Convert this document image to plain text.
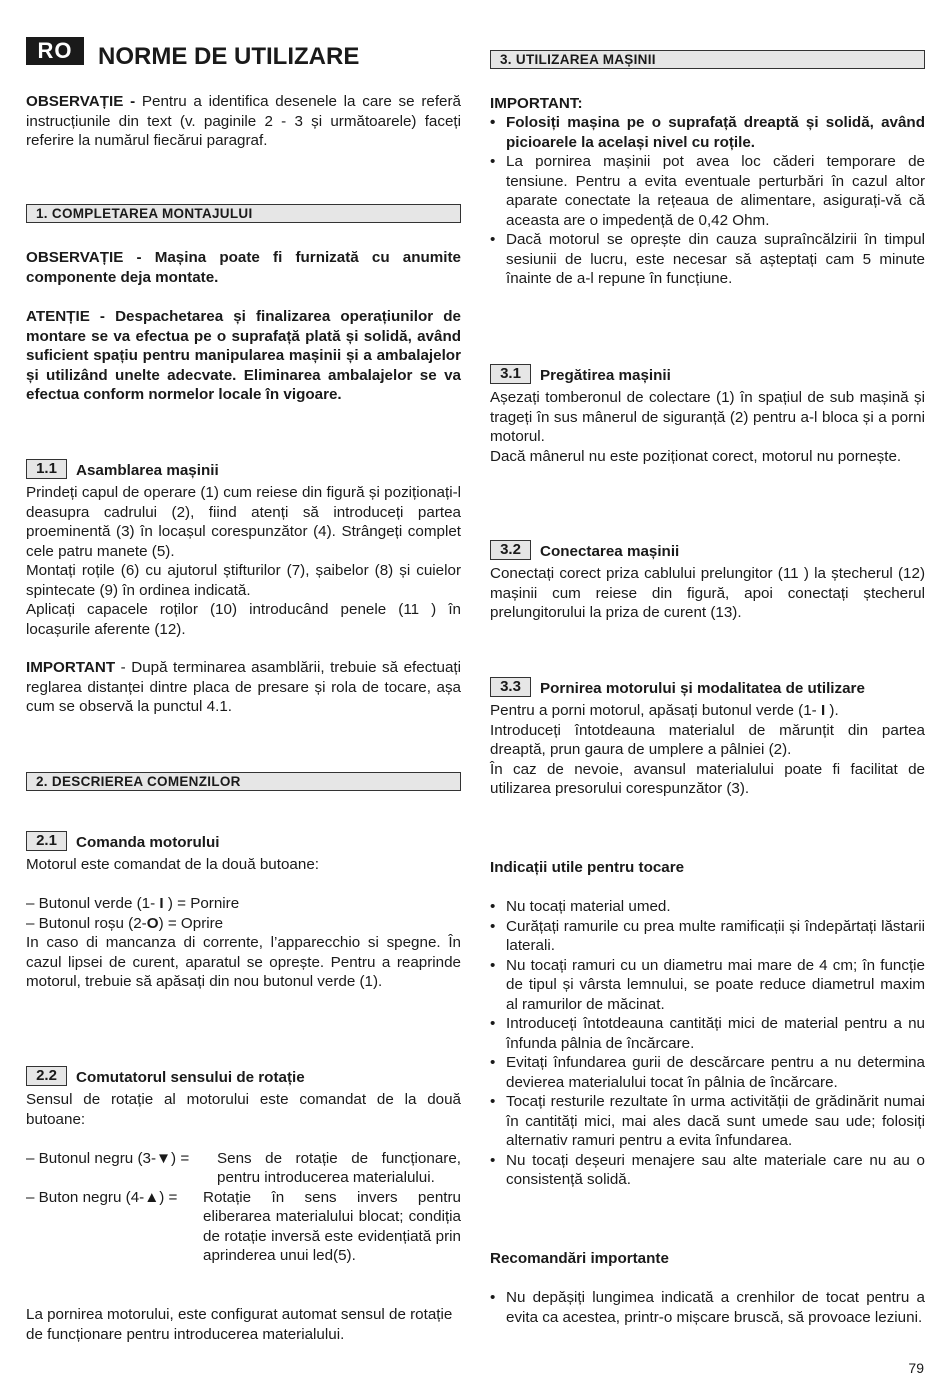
RO	NORME DE UTILIZARE
OBSERVAȚIE - Pentru a identifica desenele la care se referă instrucțiunile din text (v. paginile 2 - 3 și următoarele) faceți referire la numărul fiecărui paragraf.
1. COMPLETAREA MONTAJULUI
OBSERVAȚIE - Mașina poate fi furnizată cu anumite componente deja montate.
ATENȚIE - Despachetarea și finalizarea operațiunilor de montare se va efectua pe o suprafață plată și solidă, având suficient spațiu pentru manipularea mașinii și a ambalajelor și utilizând unelte adecvate. Eliminarea ambalajelor se va efectua conform normelor locale în vigoare.
1.1	Asamblarea mașinii
Prindeți capul de operare (1) cum reiese din figură și poziționați-l deasupra cadrului (2), fiind atenți să introduceți partea proeminentă (3) în locașul corespunzător (4). Strângeți complet cele patru manete (5).
Montați roțile (6) cu ajutorul știfturilor (7), șaibelor (8) și cuielor spintecate (9) în ordinea indicată.
Aplicați capacele roților (10) introducând penele (11 ) în locașurile aferente (12).
IMPORTANT - După terminarea asamblării, trebuie să efectuați reglarea distanței dintre placa de presare și rola de tocare, așa cum se observă la punctul 4.1.
2. DESCRIEREA COMENZILOR
2.1	Comanda motorului
Motorul este comandat de la două butoane:
– Butonul verde (1- I ) = Pornire
– Butonul roșu (2-O) = Oprire
In caso di mancanza di corrente, l’apparecchio si spegne. În cazul lipsei de curent, aparatul se oprește. Pentru a reaprinde motorul, trebuie să apăsați din nou butonul verde (1).
2.2	Comutatorul sensului de rotație
Sensul de rotație al motorului este comandat de la două butoane:
– Butonul negru (3-▼) = Sens de rotație de funcționare, pentru introducerea materialului.
– Buton negru (4-▲) = Rotație în sens invers pentru eliberarea materialului blocat; condiția de rotație inversă este evidențiată prin aprinderea unui led(5).
La pornirea motorului, este configurat automat sensul de rotație de funcționare pentru introducerea materialului.
3. UTILIZAREA MAȘINII
IMPORTANT:
• Folosiți mașina pe o suprafață dreaptă și solidă, având picioarele la același nivel cu roțile.
• La pornirea mașinii pot avea loc căderi temporare de tensiune. Pentru a evita eventuale perturbări în cazul altor aparate conectate la rețeaua de alimentare, asigurați-vă că aceasta are o impedență de 0,42 Ohm.
• Dacă motorul se oprește din cauza supraîncălzirii în timpul sesiunii de lucru, este necesar să așteptați cam 5 minute înainte de a-l repune în funcțiune.
3.1	Pregătirea mașinii
Așezați tomberonul de colectare (1) în spațiul de sub mașină și trageți în sus mânerul de siguranță (2) pentru a-l bloca și a porni motorul.
Dacă mânerul nu este poziționat corect, motorul nu pornește.
3.2	Conectarea mașinii
Conectați corect priza cablului prelungitor (11 ) la ștecherul (12) mașinii cum reiese din figură, apoi conectați ștecherul prelungitorului la priza de curent (13).
3.3	Pornirea motorului și modalitatea de utilizare
Pentru a porni motorul, apăsați butonul verde (1- I ).
Introduceți întotdeauna materialul de mărunțit din partea dreaptă, prun gaura de umplere a pâlniei (2).
În caz de nevoie, avansul materialului poate fi facilitat de utilizarea presorului corespunzător (3).
Indicații utile pentru tocare
• Nu tocați material umed.
• Curățați ramurile cu prea multe ramificații și îndepărtați lăstarii laterali.
• Nu tocați ramuri cu un diametru mai mare de 4 cm; în funcție de tipul și vârsta lemnului, se poate reduce diametrul maxim al ramurilor de măcinat.
• Introduceți întotdeauna cantități mici de material pentru a nu înfunda pâlnia de încărcare.
• Evitați înfundarea gurii de descărcare pentru a nu determina devierea materialului tocat în pâlnia de încărcare.
• Tocați resturile rezultate în urma activității de grădinărit numai în cantități mici, mai ales dacă sunt umede sau ude; folosiți alternativ ramuri pentru a evita înfundarea.
• Nu tocați deșeuri menajere sau alte materiale care nu au o consistență solidă.
Recomandări importante
• Nu depășiți lungimea indicată a crenhilor de tocat pentru a evita ca acestea, printr-o mișcare bruscă, să provoace leziuni.
79
